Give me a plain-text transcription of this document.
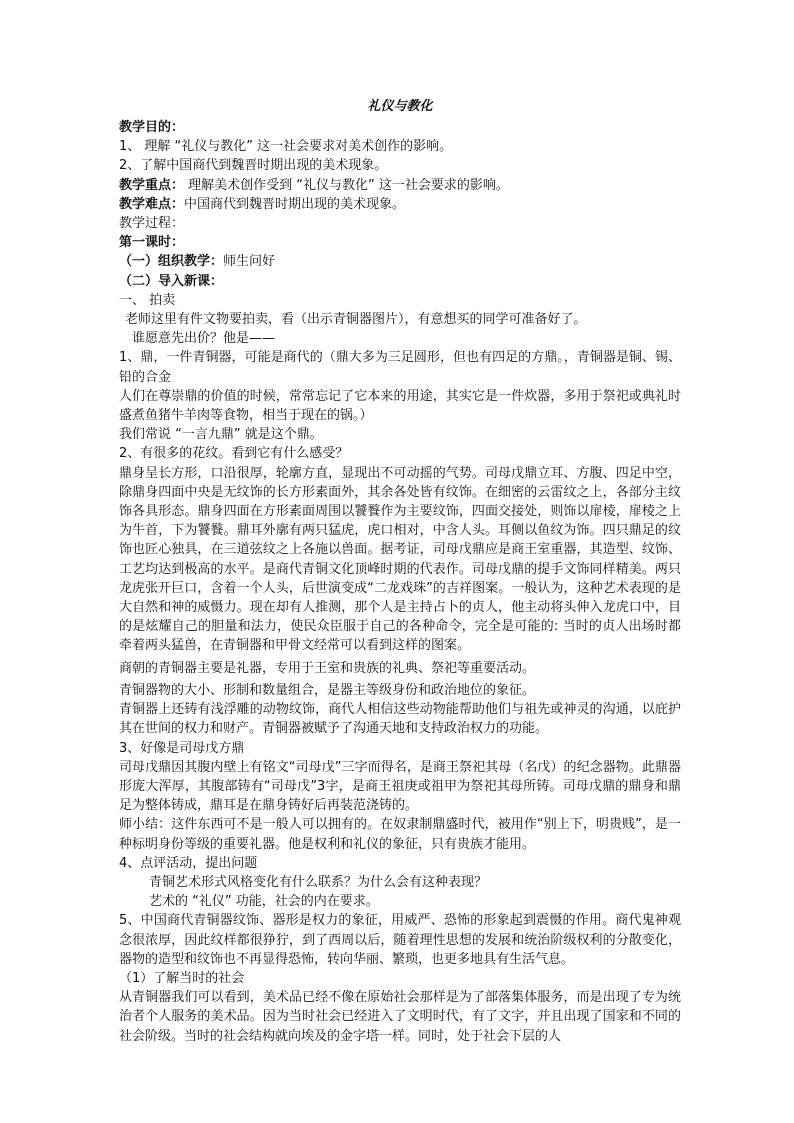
礼仪与教化

教学目的：

1、 理解 “礼仪与教化” 这一社会要求对美术创作的影响。

2、了解中国商代到魏晋时期出现的美术现象。

教学重点： 理解美术创作受到 “礼仪与教化” 这一社会要求的影响。

教学难点：中国商代到魏晋时期出现的美术现象。

教学过程：

第一课时：

（一）组织教学：师生问好

（二）导入新课：

一、 拍卖

老师这里有件文物要拍卖，看（出示青铜器图片），有意想买的同学可准备好了。

谁愿意先出价？他是——

1、鼎，一件青铜器，可能是商代的（鼎大多为三足圆形，但也有四足的方鼎。，青铜器是铜、锡、铅的合金

人们在尊崇鼎的价值的时候，常常忘记了它本来的用途，其实它是一件炊器，多用于祭祀或典礼时盛煮鱼猪牛羊肉等食物，相当于现在的锅。）

我们常说 “一言九鼎” 就是这个鼎。

2、有很多的花纹。看到它有什么感受？

鼎身呈长方形，口沿很厚，轮廓方直，显现出不可动摇的气势。司母戊鼎立耳、方腹、四足中空，除鼎身四面中央是无纹饰的长方形素面外，其余各处皆有纹饰。在细密的云雷纹之上，各部分主纹饰各具形态。鼎身四面在方形素面周围以饕餮作为主要纹饰，四面交接处，则饰以扉棱，扉棱之上为牛首，下为饕餮。鼎耳外廓有两只猛虎，虎口相对，中含人头。耳侧以鱼纹为饰。四只鼎足的纹饰也匠心独具，在三道弦纹之上各施以兽面。据考证，司母戊鼎应是商王室重器，其造型、纹饰、工艺均达到极高的水平。是商代青铜文化顶峰时期的代表作。司母戊鼎的提手文饰同样精美。两只龙虎张开巨口，含着一个人头，后世演变成“二龙戏珠”的吉祥图案。一般认为，这种艺术表现的是大自然和神的威慑力。现在却有人推测，那个人是主持占卜的贞人，他主动将头伸入龙虎口中，目的是炫耀自己的胆量和法力，使民众臣服于自己的各种命令，完全是可能的: 当时的贞人出场时都牵着两头猛兽，在青铜器和甲骨文经常可以看到这样的图案。

商朝的青铜器主要是礼器，专用于王室和贵族的礼典、祭祀等重要活动。

青铜器物的大小、形制和数量组合，是器主等级身份和政治地位的象征。

青铜器上还铸有浅浮雕的动物纹饰，商代人相信这些动物能帮助他们与祖先或神灵的沟通，以庇护其在世间的权力和财产。青铜器被赋予了沟通天地和支持政治权力的功能。

3、好像是司母戊方鼎

司母戊鼎因其腹内壁上有铭文“司母戊”三字而得名，是商王祭祀其母（名戊）的纪念器物。此鼎器形庞大浑厚，其腹部铸有“司母戊”3字，是商王祖庚或祖甲为祭祀其母所铸。司母戊鼎的鼎身和鼎足为整体铸成，鼎耳是在鼎身铸好后再装范浇铸的。

师小结：这件东西可不是一般人可以拥有的。在奴隶制鼎盛时代，被用作“别上下，明贵贱”，是一种标明身份等级的重要礼器。他是权利和礼仪的象征，只有贵族才能用。

4、点评活动，提出问题

青铜艺术形式风格变化有什么联系？为什么会有这种表现？

艺术的 “礼仪” 功能，社会的内在要求。

5、中国商代青铜器纹饰、器形是权力的象征，用威严、恐怖的形象起到震慑的作用。商代鬼神观念很浓厚，因此纹样都很狰狞，到了西周以后，随着理性思想的发展和统治阶级权利的分散变化，器物的造型和纹饰也不再显得恐怖，转向华丽、繁琐，也更多地具有生活气息。

（1）了解当时的社会

从青铜器我们可以看到，美术品已经不像在原始社会那样是为了部落集体服务，而是出现了专为统治者个人服务的美术品。因为当时社会已经进入了文明时代，有了文字，并且出现了国家和不同的社会阶级。当时的社会结构就向埃及的金字塔一样。同时，处于社会下层的人
